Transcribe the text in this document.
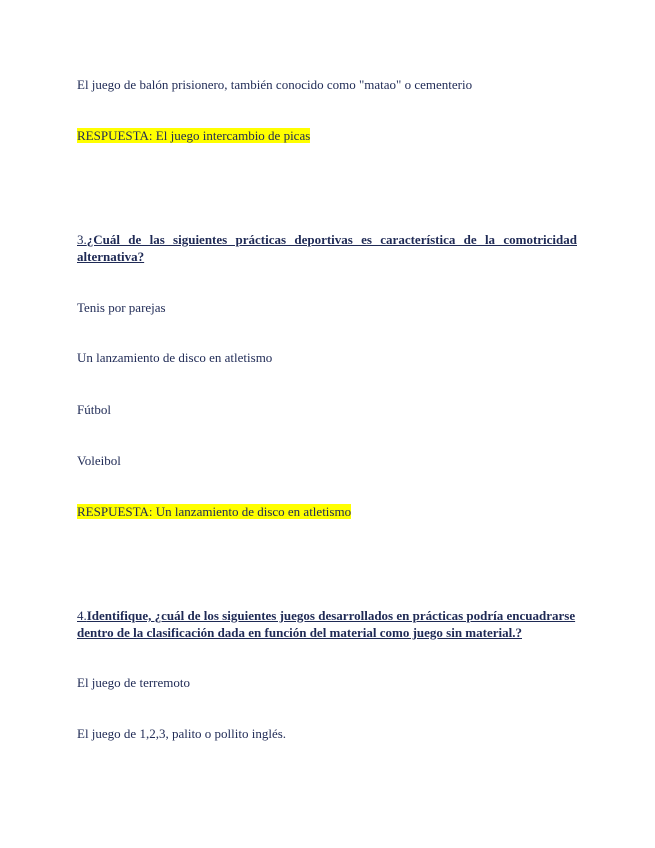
El juego de balón prisionero, también conocido como "matao" o cementerio
RESPUESTA: El juego intercambio de picas
3.¿Cuál de las siguientes prácticas deportivas es característica de la comotricidad alternativa?
Tenis por parejas
Un lanzamiento de disco en atletismo
Fútbol
Voleibol
RESPUESTA: Un lanzamiento de disco en atletismo
4.Identifique, ¿cuál de los siguientes juegos desarrollados en prácticas podría encuadrarse dentro de la clasificación dada en función del material como juego sin material.?
El juego de terremoto
El juego de 1,2,3, palito o pollito inglés.
